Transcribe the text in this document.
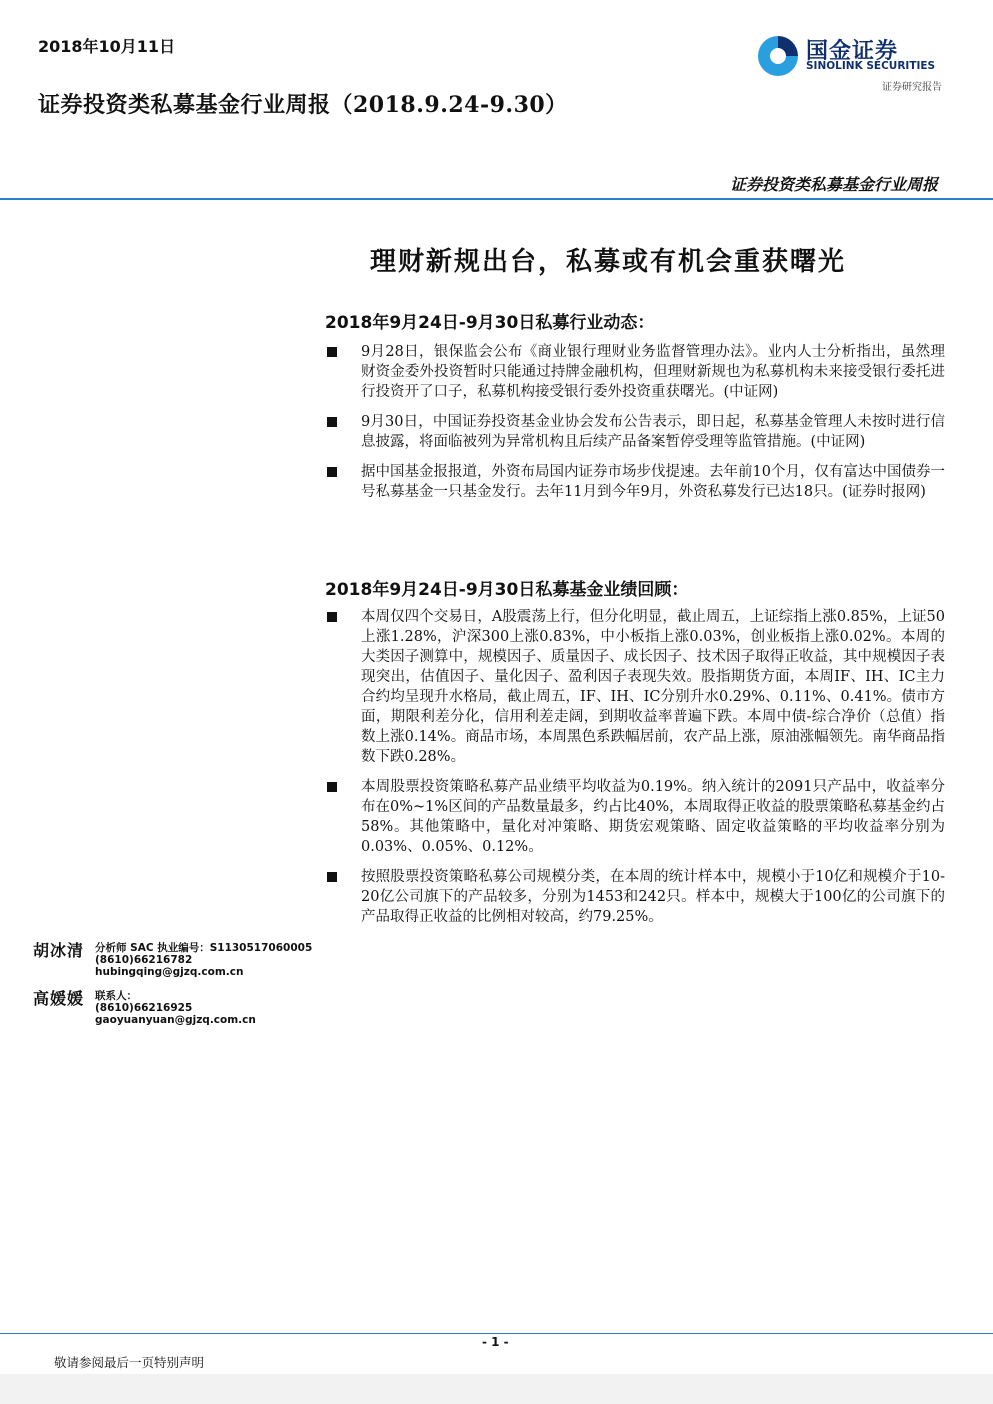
2018年10月11日
证券投资类私募基金行业周报（2018.9.24-9.30）
国金证券
SINOLINK SECURITIES
证券研究报告
证券投资类私募基金行业周报
理财新规出台，私募或有机会重获曙光
2018年9月24日-9月30日私募行业动态：
9月28日，银保监会公布《商业银行理财业务监督管理办法》。业内人士分析指出，虽然理财资金委外投资暂时只能通过持牌金融机构，但理财新规也为私募机构未来接受银行委托进行投资开了口子，私募机构接受银行委外投资重获曙光。(中证网)
9月30日，中国证券投资基金业协会发布公告表示，即日起，私募基金管理人未按时进行信息披露，将面临被列为异常机构且后续产品备案暂停受理等监管措施。(中证网)
据中国基金报报道，外资布局国内证券市场步伐提速。去年前10个月，仅有富达中国债券一号私募基金一只基金发行。去年11月到今年9月，外资私募发行已达18只。(证券时报网)
2018年9月24日-9月30日私募基金业绩回顾：
本周仅四个交易日，A股震荡上行，但分化明显，截止周五，上证综指上涨0.85%，上证50上涨1.28%，沪深300上涨0.83%，中小板指上涨0.03%，创业板指上涨0.02%。本周的大类因子测算中，规模因子、质量因子、成长因子、技术因子取得正收益，其中规模因子表现突出，估值因子、量化因子、盈利因子表现失效。股指期货方面，本周IF、IH、IC主力合约均呈现升水格局，截止周五，IF、IH、IC分别升水0.29%、0.11%、0.41%。债市方面，期限利差分化，信用利差走阔，到期收益率普遍下跌。本周中债-综合净价（总值）指数上涨0.14%。商品市场，本周黑色系跌幅居前，农产品上涨，原油涨幅领先。南华商品指数下跌0.28%。
本周股票投资策略私募产品业绩平均收益为0.19%。纳入统计的2091只产品中，收益率分布在0%~1%区间的产品数量最多，约占比40%，本周取得正收益的股票策略私募基金约占58%。其他策略中，量化对冲策略、期货宏观策略、固定收益策略的平均收益率分别为0.03%、0.05%、0.12%。
按照股票投资策略私募公司规模分类，在本周的统计样本中，规模小于10亿和规模介于10-20亿公司旗下的产品较多，分别为1453和242只。样本中，规模大于100亿的公司旗下的产品取得正收益的比例相对较高，约79.25%。
胡冰清 分析师 SAC 执业编号：S1130517060005
(8610)66216782
hubingqing@gjzq.com.cn
高媛媛 联系人：
(8610)66216925
gaoyuanyuan@gjzq.com.cn
- 1 -
敬请参阅最后一页特别声明
